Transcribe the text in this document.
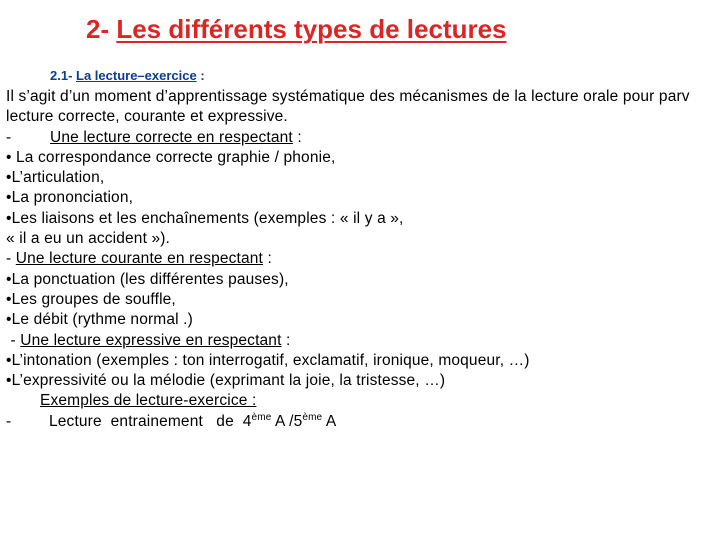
2- Les différents types de lectures
2.1- La lecture–exercice :
Il s’agit d’un moment d’apprentissage systématique des mécanismes de la lecture orale pour parv
lecture correcte, courante et expressive.
- Une lecture correcte en respectant :
• La correspondance correcte graphie / phonie,
•L’articulation,
•La prononciation,
•Les liaisons et les enchaînements (exemples : « il y a »,
« il a eu un accident »).
- Une lecture courante en respectant :
•La ponctuation (les différentes pauses),
•Les groupes de souffle,
•Le débit (rythme normal .)
- Une lecture expressive en respectant :
•L’intonation (exemples : ton interrogatif, exclamatif, ironique, moqueur, …)
•L’expressivité ou la mélodie (exprimant la joie, la tristesse, …)
Exemples de lecture-exercice :
- Lecture  entrainement   de  4ème A /5ème A
